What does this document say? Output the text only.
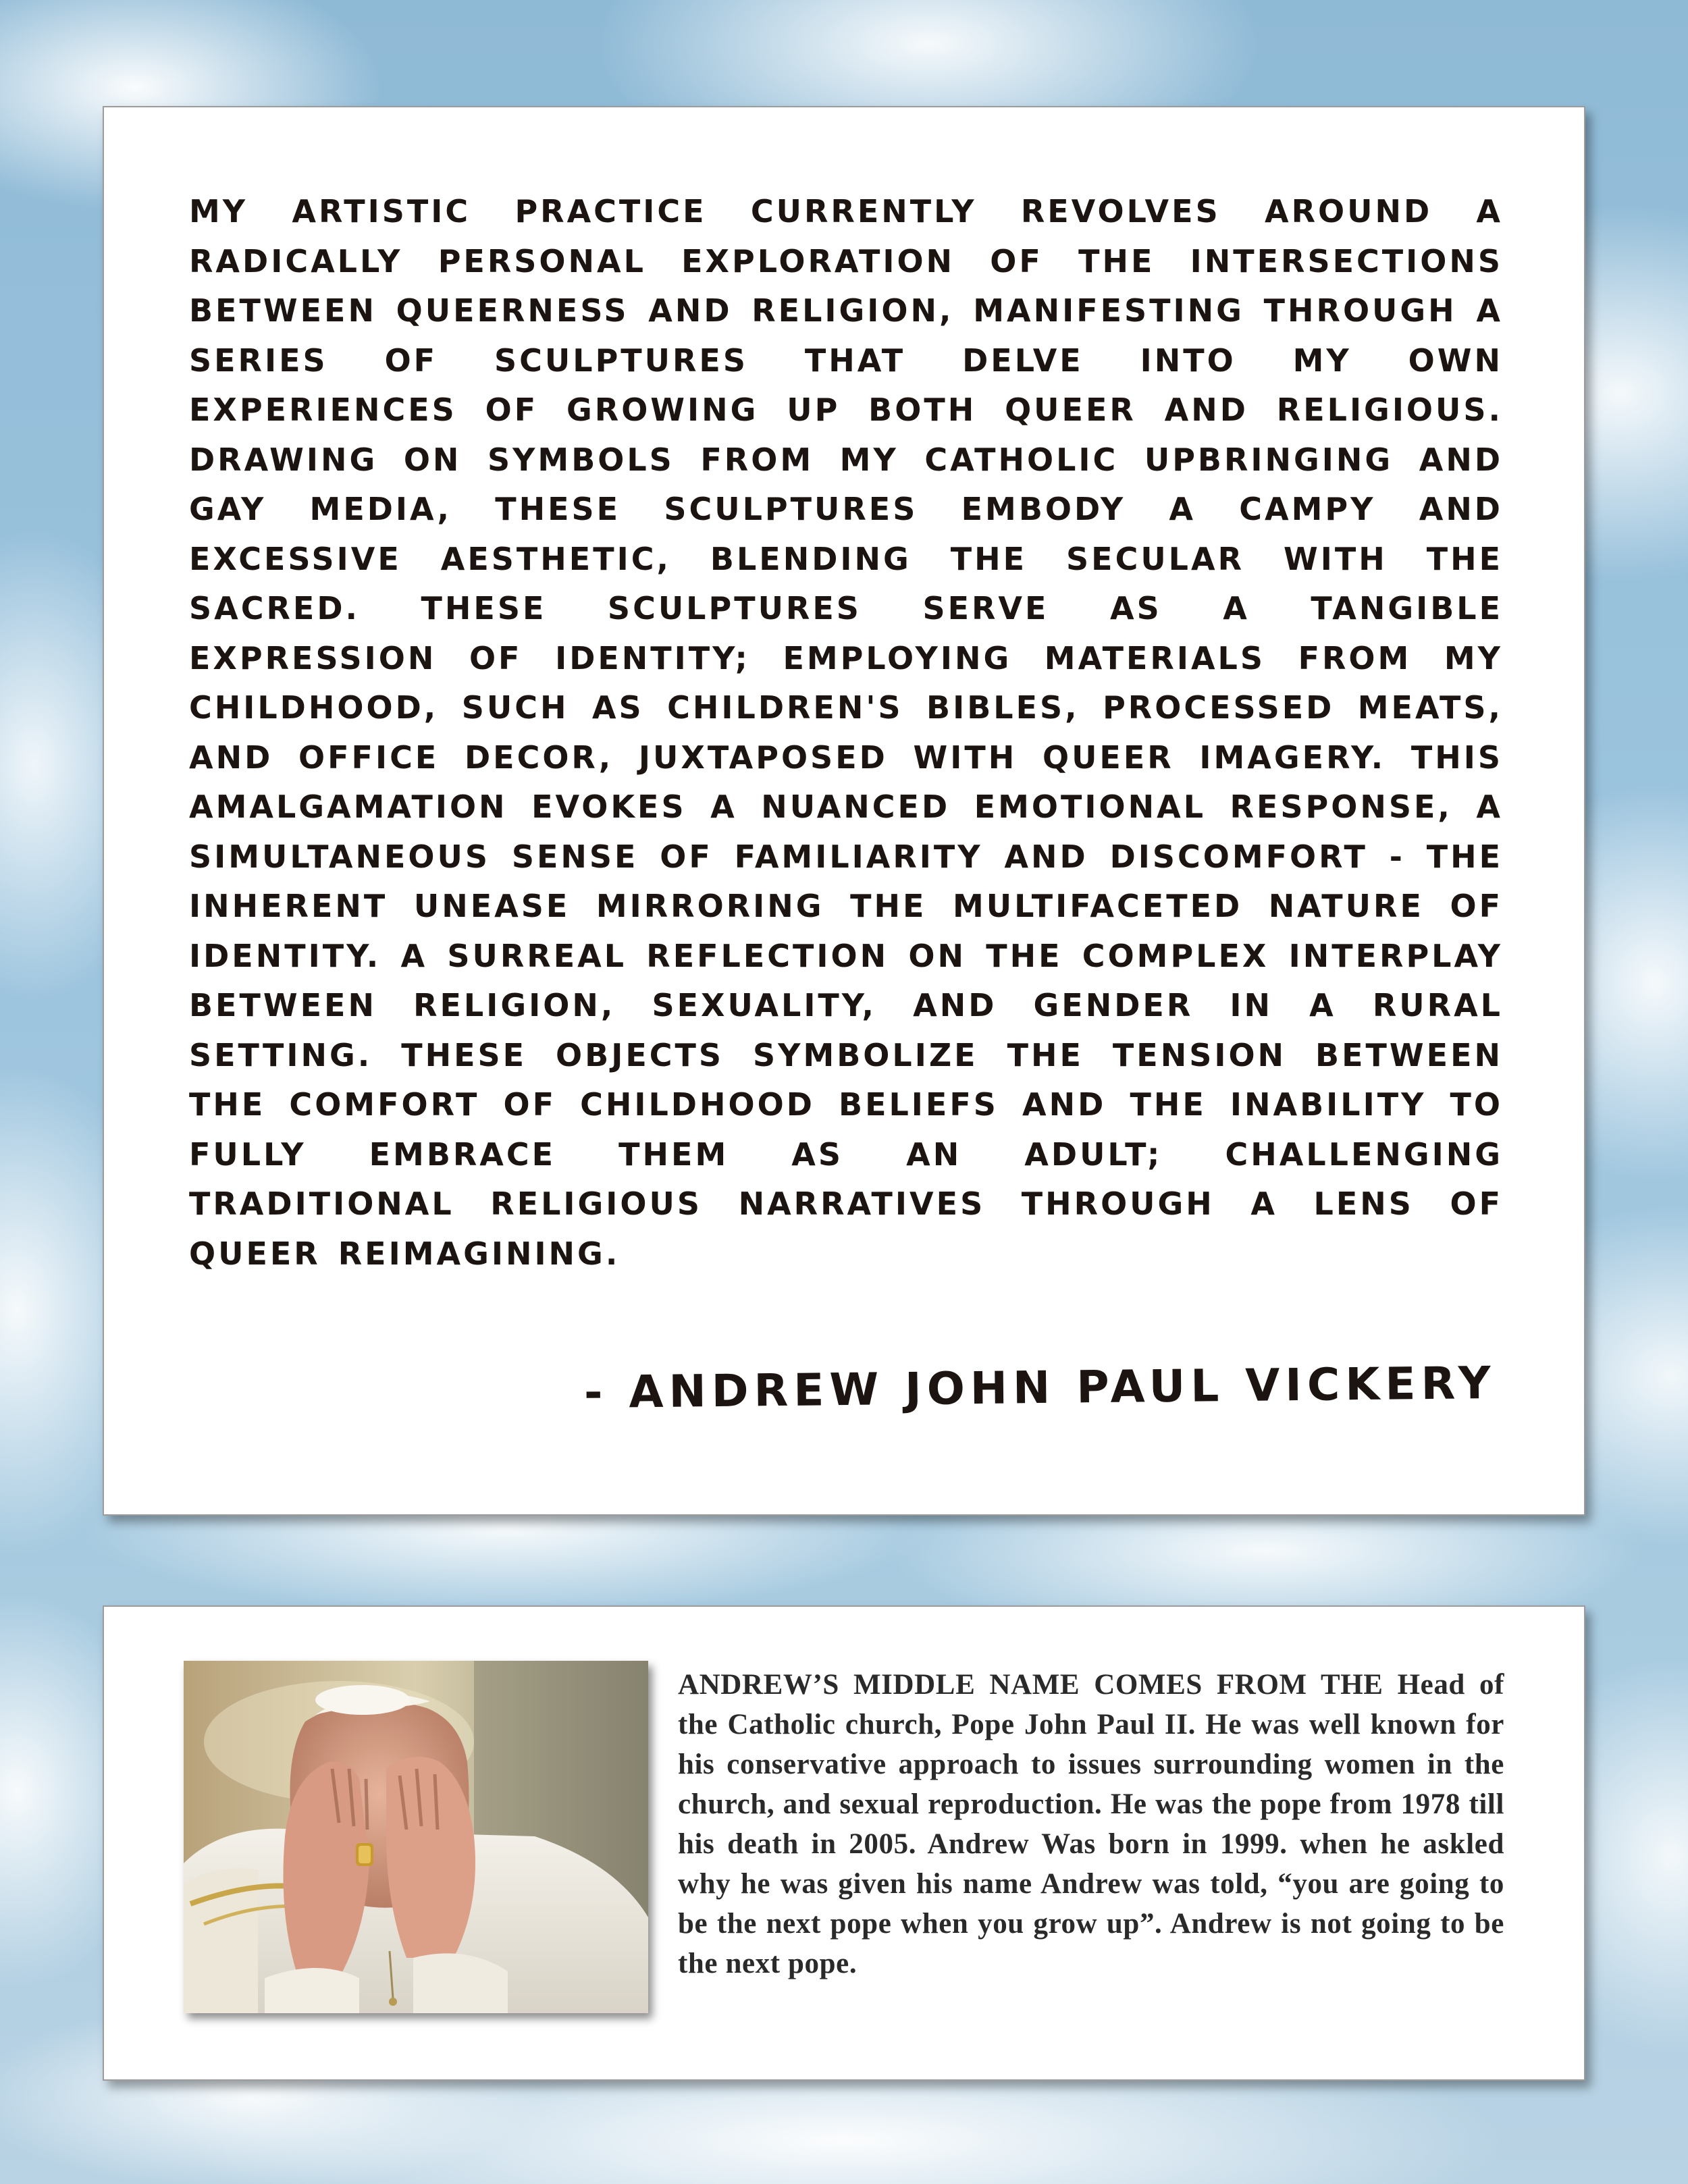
MY ARTISTIC PRACTICE CURRENTLY REVOLVES AROUND A RADICALLY PERSONAL EXPLORATION OF THE INTERSECTIONS BETWEEN QUEERNESS AND RELIGION, MANIFESTING THROUGH A SERIES OF SCULPTURES THAT DELVE INTO MY OWN EXPERIENCES OF GROWING UP BOTH QUEER AND RELIGIOUS. DRAWING ON SYMBOLS FROM MY CATHOLIC UPBRINGING AND GAY MEDIA, THESE SCULPTURES EMBODY A CAMPY AND EXCESSIVE AESTHETIC, BLENDING THE SECULAR WITH THE SACRED. THESE SCULPTURES SERVE AS A TANGIBLE EXPRESSION OF IDENTITY; EMPLOYING MATERIALS FROM MY CHILDHOOD, SUCH AS CHILDREN'S BIBLES, PROCESSED MEATS, AND OFFICE DECOR, JUXTAPOSED WITH QUEER IMAGERY. THIS AMALGAMATION EVOKES A NUANCED EMOTIONAL RESPONSE, A SIMULTANEOUS SENSE OF FAMILIARITY AND DISCOMFORT - THE INHERENT UNEASE MIRRORING THE MULTIFACETED NATURE OF IDENTITY. A SURREAL REFLECTION ON THE COMPLEX INTERPLAY BETWEEN RELIGION, SEXUALITY, AND GENDER IN A RURAL SETTING. THESE OBJECTS SYMBOLIZE THE TENSION BETWEEN THE COMFORT OF CHILDHOOD BELIEFS AND THE INABILITY TO FULLY EMBRACE THEM AS AN ADULT; CHALLENGING TRADITIONAL RELIGIOUS NARRATIVES THROUGH A LENS OF QUEER REIMAGINING.

- ANDREW JOHN PAUL VICKERY

ANDREW’S MIDDLE NAME COMES FROM THE Head of the Catholic church, Pope John Paul II. He was well known for his conservative approach to issues surrounding women in the church, and sexual reproduction. He was the pope from 1978 till his death in 2005. Andrew Was born in 1999. when he askled why he was given his name Andrew was told, “you are going to be the next pope when you grow up”. Andrew is not going to be the next pope.
